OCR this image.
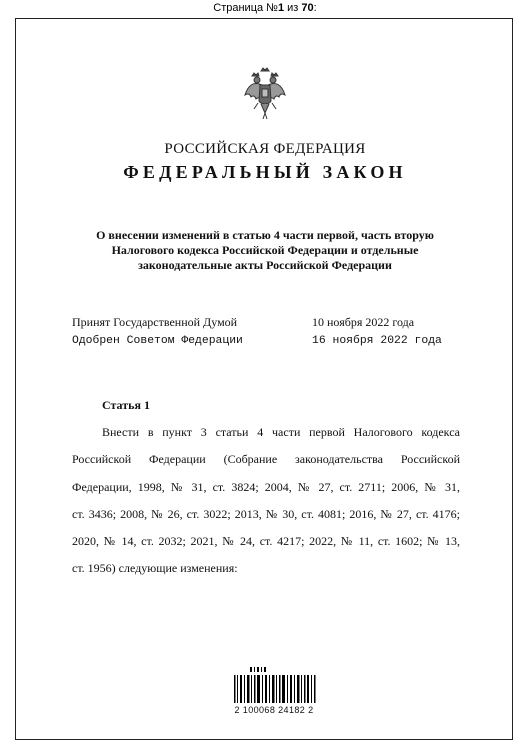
Страница №1 из 70:
РОССИЙСКАЯ ФЕДЕРАЦИЯ
ФЕДЕРАЛЬНЫЙ ЗАКОН
О внесении изменений в статью 4 части первой, часть вторую
Налогового кодекса Российской Федерации и отдельные
законодательные акты Российской Федерации
Принят Государственной Думой	10 ноября 2022 года
Одобрен Советом Федерации	16 ноября 2022 года
Статья 1
Внести в пункт 3 статьи 4 части первой Налогового кодекса
Российской Федерации (Собрание законодательства Российской
Федерации, 1998, № 31, ст. 3824; 2004, № 27, ст. 2711; 2006, № 31,
ст. 3436; 2008, № 26, ст. 3022; 2013, № 30, ст. 4081; 2016, № 27, ст. 4176;
2020, № 14, ст. 2032; 2021, № 24, ст. 4217; 2022, № 11, ст. 1602; № 13,
ст. 1956) следующие изменения:
2 100068 24182 2
